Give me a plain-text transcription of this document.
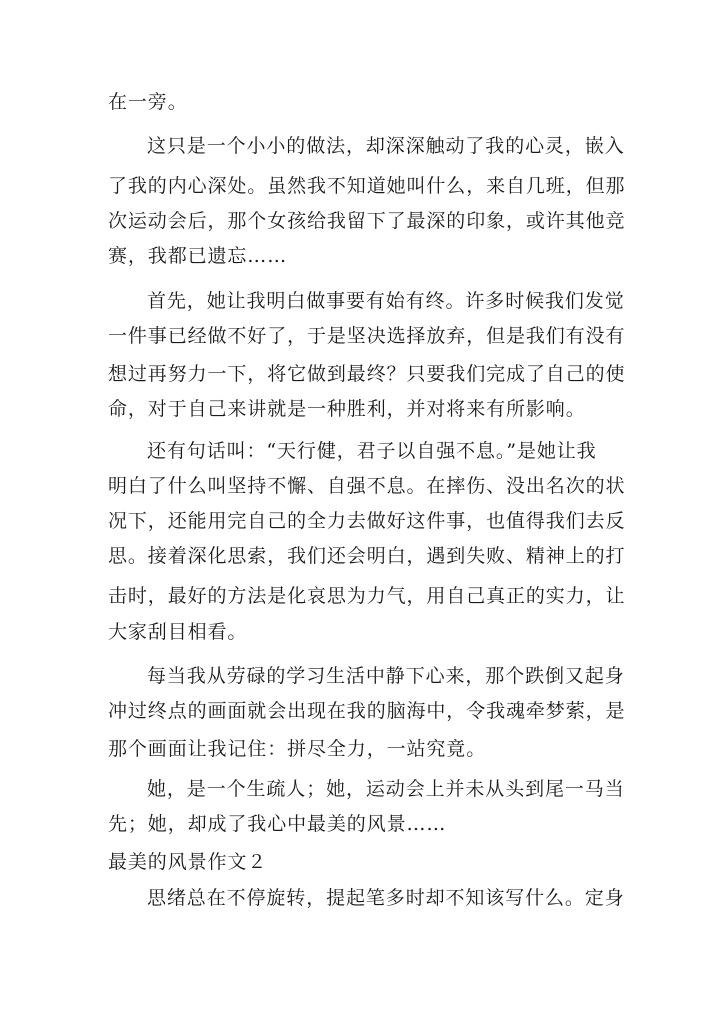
在一旁。

这只是一个小小的做法，却深深触动了我的心灵，嵌入

了我的内心深处。虽然我不知道她叫什么，来自几班，但那

次运动会后，那个女孩给我留下了最深的印象，或许其他竞

赛，我都已遗忘……

首先，她让我明白做事要有始有终。许多时候我们发觉

一件事已经做不好了，于是坚决选择放弃，但是我们有没有

想过再努力一下，将它做到最终？只要我们完成了自己的使

命，对于自己来讲就是一种胜利，并对将来有所影响。

还有句话叫：“天行健，君子以自强不息。”是她让我

明白了什么叫坚持不懈、自强不息。在摔伤、没出名次的状

况下，还能用完自己的全力去做好这件事，也值得我们去反

思。接着深化思索，我们还会明白，遇到失败、精神上的打

击时，最好的方法是化哀思为力气，用自己真正的实力，让

大家刮目相看。

每当我从劳碌的学习生活中静下心来，那个跌倒又起身

冲过终点的画面就会出现在我的脑海中，令我魂牵梦萦，是

那个画面让我记住：拼尽全力，一站究竟。

她，是一个生疏人；她，运动会上并未从头到尾一马当

先；她，却成了我心中最美的风景……

最美的风景作文２

思绪总在不停旋转，提起笔多时却不知该写什么。定身
